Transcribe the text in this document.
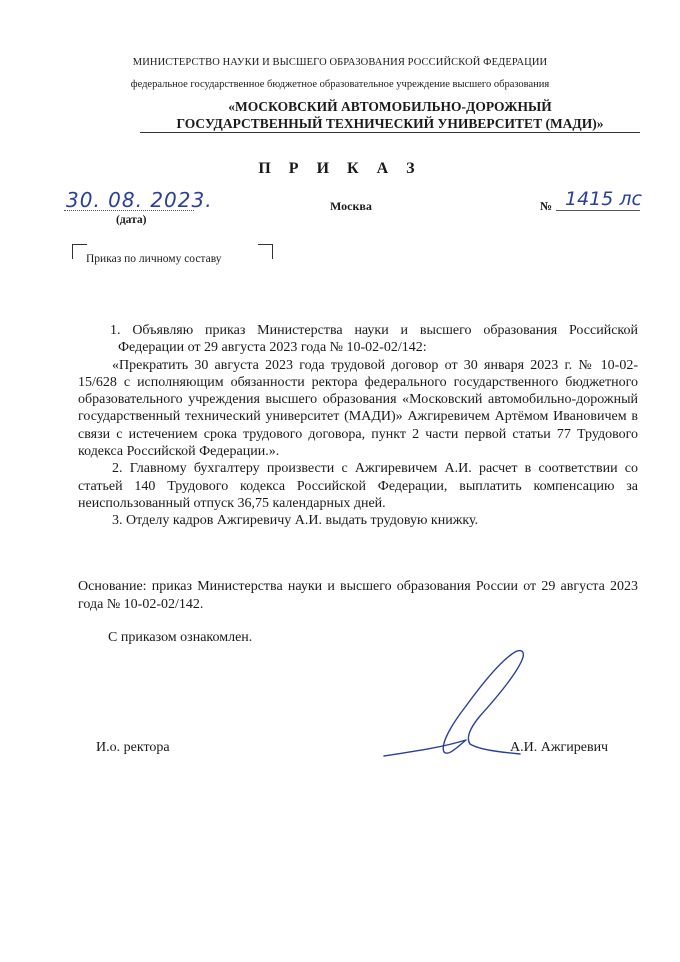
МИНИСТЕРСТВО НАУКИ И ВЫСШЕГО ОБРАЗОВАНИЯ РОССИЙСКОЙ ФЕДЕРАЦИИ
федеральное государственное бюджетное образовательное учреждение высшего образования
«МОСКОВСКИЙ АВТОМОБИЛЬНО-ДОРОЖНЫЙ
ГОСУДАРСТВЕННЫЙ ТЕХНИЧЕСКИЙ УНИВЕРСИТЕТ (МАДИ)»
П Р И К А З
30. 08. 2023.
(дата)
Москва	№ 1415 лс
Приказ по личному составу

1. Объявляю приказ Министерства науки и высшего образования Российской Федерации от 29 августа 2023 года № 10-02-02/142:

«Прекратить 30 августа 2023 года трудовой договор от 30 января 2023 г. № 10-02-15/628 с исполняющим обязанности ректора федерального государственного бюджетного образовательного учреждения высшего образования «Московский автомобильно-дорожный государственный технический университет (МАДИ)» Ажгиревичем Артёмом Ивановичем в связи с истечением срока трудового договора, пункт 2 части первой статьи 77 Трудового кодекса Российской Федерации.».

2. Главному бухгалтеру произвести с Ажгиревичем А.И. расчет в соответствии со статьей 140 Трудового кодекса Российской Федерации, выплатить компенсацию за неиспользованный отпуск 36,75 календарных дней.

3. Отделу кадров Ажгиревичу А.И. выдать трудовую книжку.

Основание: приказ Министерства науки и высшего образования России от 29 августа 2023 года № 10-02-02/142.
С приказом ознакомлен.
И.о. ректора	А.И. Ажгиревич
